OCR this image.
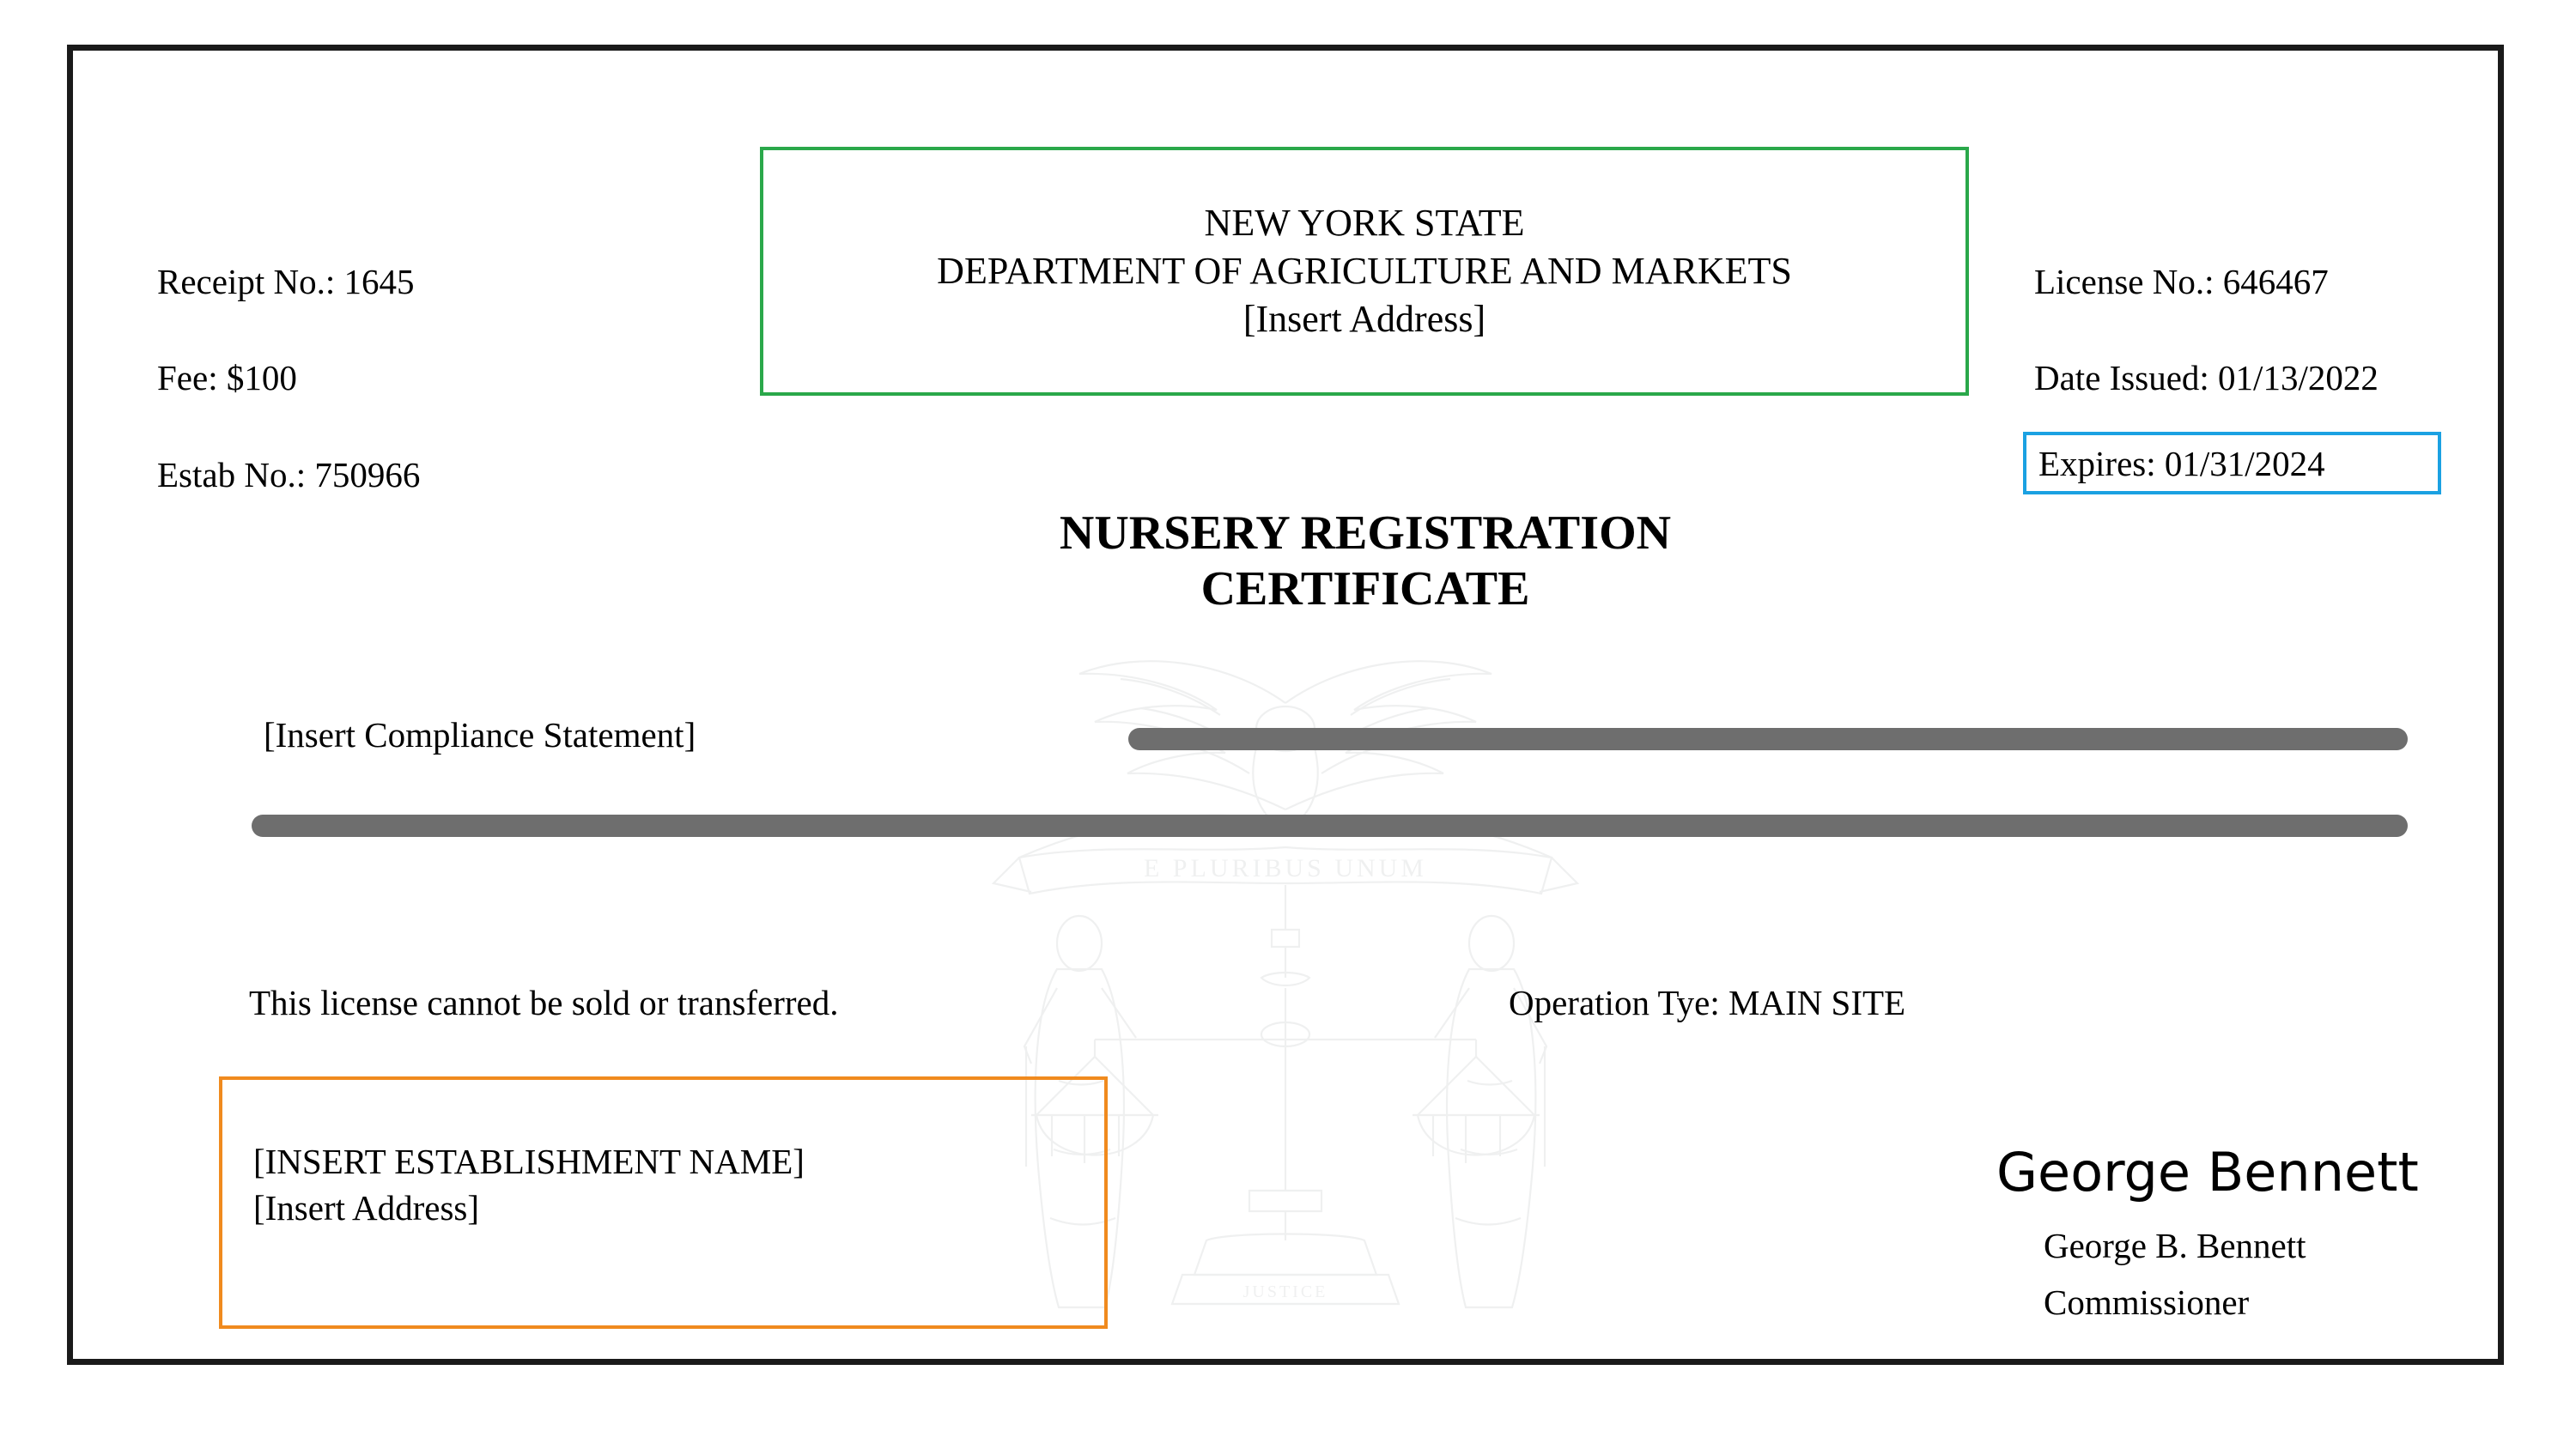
E PLURIBUS UNUM
JUSTICE
Receipt No.: 1645
Fee: $100
Estab No.: 750966
License No.: 646467
Date Issued: 01/13/2022
Expires: 01/31/2024
NEW YORK STATE
DEPARTMENT OF AGRICULTURE AND MARKETS
[Insert Address]
NURSERY REGISTRATION
CERTIFICATE
[Insert Compliance Statement]
This license cannot be sold or transferred.	Operation Tye: MAIN SITE
[INSERT ESTABLISHMENT NAME]
[Insert Address]
George Bennett
George B. Bennett
Commissioner
